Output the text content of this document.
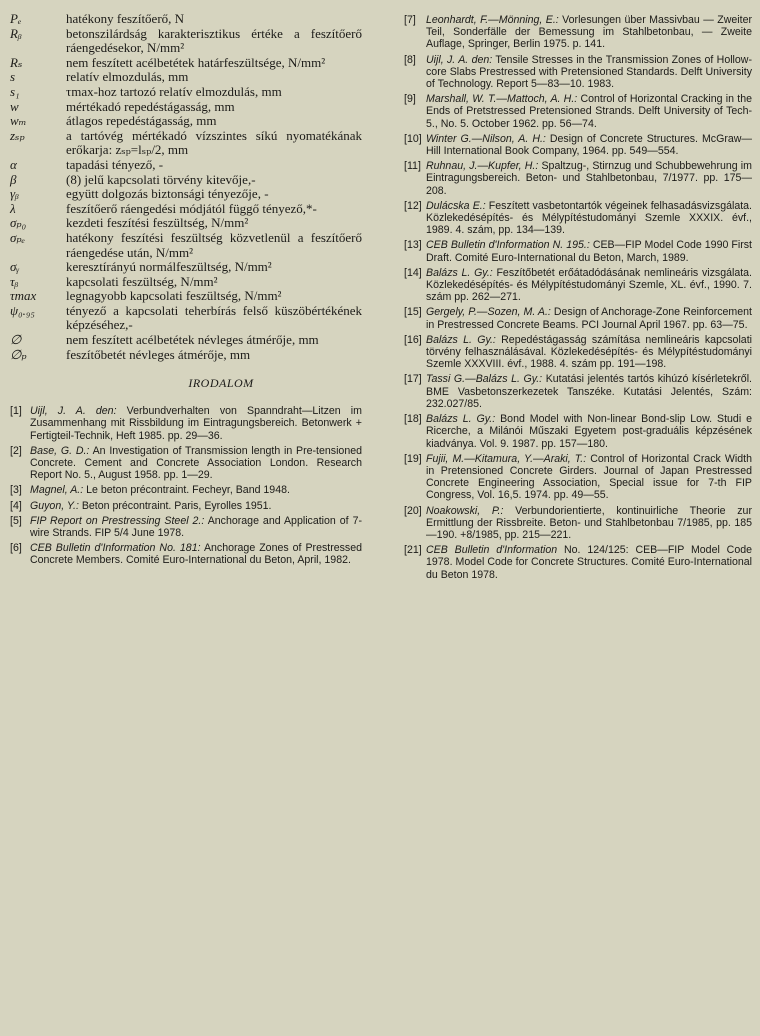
Pₑ	hatékony feszítőerő, N
Rᵦ	betonszilárdság karakterisztikus értéke a feszítőerő ráengedésekor, N/mm²
Rₛ	nem feszített acélbetétek határfeszültsége, N/mm²
s	relatív elmozdulás, mm
s₁	τmax-hoz tartozó relatív elmozdulás, mm
w	mértékadó repedéstágasság, mm
wₘ	átlagos repedéstágasság, mm
zₛₚ	a tartóvég mértékadó vízszintes síkú nyomatékának erőkarja: zₛₚ=lₛₚ/2, mm
α	tapadási tényező, -
β	(8) jelű kapcsolati törvény kitevője,-
γᵦ	együtt dolgozás biztonsági tényezője, -
λ	feszítőerő ráengedési módjától függő tényező,*-
σₚ₀	kezdeti feszítési feszültség, N/mm²
σₚₑ	hatékony feszítési feszültség közvetlenül a feszítőerő ráengedése után, N/mm²
σᵧ	keresztírányú normálfeszültség, N/mm²
τᵦ	kapcsolati feszültség, N/mm²
τmax	legnagyobb kapcsolati feszültség, N/mm²
ψ₀.₉₅	tényező a kapcsolati teherbírás felső küszöbértékének képzéséhez,-
∅	nem feszített acélbetétek névleges átmérője, mm
∅ₚ	feszítőbetét névleges átmérője, mm
IRODALOM
[1] Uijl, J. A. den: Verbundverhalten von Spanndraht—Litzen im Zusammenhang mit Rissbildung im Eintragungsbereich. Betonwerk + Fertigteil-Technik, Heft 1985. pp. 29—36.
[2] Base, G. D.: An Investigation of Transmission length in Pre-tensioned Concrete. Cement and Concrete Association London. Research Report No. 5., August 1958. pp. 1—29.
[3] Magnel, A.: Le beton précontraint. Fecheyr, Band 1948.
[4] Guyon, Y.: Beton précontraint. Paris, Eyrolles 1951.
[5] FIP Report on Prestressing Steel 2.: Anchorage and Application of 7-wire Strands. FIP 5/4 June 1978.
[6] CEB Bulletin d'Information No. 181: Anchorage Zones of Prestressed Concrete Members. Comité Euro-International du Beton, April, 1982.
[7] Leonhardt, F.—Mönning, E.: Vorlesungen über Massivbau — Zweiter Teil, Sonderfälle der Bemessung im Stahlbetonbau, — Zweite Auflage, Springer, Berlin 1975. p. 141.
[8] Uijl, J. A. den: Tensile Stresses in the Transmission Zones of Hollow-core Slabs Prestressed with Pretensioned Standards. Delft University of Technology. Report 5—83—10. 1983.
[9] Marshall, W. T.—Mattoch, A. H.: Control of Horizontal Cracking in the Ends of Pretstressed Pretensioned Strands. Delft University of Tech-5., No. 5. October 1962. pp. 56—74.
[10] Winter G.—Nilson, A. H.: Design of Concrete Structures. McGraw—Hill International Book Company, 1964. pp. 549—554.
[11] Ruhnau, J.—Kupfer, H.: Spaltzug-, Stirnzug und Schubbewehrung im Eintragungsbereich. Beton- und Stahlbetonbau, 7/1977. pp. 175—208.
[12] Dulácska E.: Feszített vasbetontartók végeinek felhasadásvizsgálata. Közlekedésépítés- és Mélypítéstudományi Szemle XXXIX. évf., 1989. 4. szám, pp. 134—139.
[13] CEB Bulletin d'Information N. 195.: CEB—FIP Model Code 1990 First Draft. Comité Euro-International du Beton, March, 1989.
[14] Balázs L. Gy.: Feszítőbetét erőátadódásának nemlineáris vizsgálata. Közlekedésépítés- és Mélypítéstudományi Szemle, XL. évf., 1990. 7. szám pp. 262—271.
[15] Gergely, P.—Sozen, M. A.: Design of Anchorage-Zone Reinforcement in Prestressed Concrete Beams. PCI Journal April 1967. pp. 63—75.
[16] Balázs L. Gy.: Repedéstágasság számítása nemlineáris kapcsolati törvény felhasználásával. Közlekedésépítés- és Mélypítéstudományi Szemle XXXVIII. évf., 1988. 4. szám pp. 191—198.
[17] Tassi G.—Balázs L. Gy.: Kutatási jelentés tartós kihúzó kísérletekről. BME Vasbetonszerkezetek Tanszéke. Kutatási Jelentés, Szám: 232.027/85.
[18] Balázs L. Gy.: Bond Model with Non-linear Bond-slip Low. Studi e Ricerche, a Milánói Műszaki Egyetem post-graduális képzésének kiadványa. Vol. 9. 1987. pp. 157—180.
[19] Fujii, M.—Kitamura, Y.—Araki, T.: Control of Horizontal Crack Width in Pretensioned Concrete Girders. Journal of Japan Prestressed Concrete Engineering Association, Special issue for 7-th FIP Congress, Vol. 16,5. 1974. pp. 49—55.
[20] Noakowski, P.: Verbundorientierte, kontinuirliche Theorie zur Ermittlung der Rissbreite. Beton- und Stahlbetonbau 7/1985, pp. 185—190. +8/1985, pp. 215—221.
[21] CEB Bulletin d'Information No. 124/125: CEB—FIP Model Code 1978. Model Code for Concrete Structures. Comité Euro-International du Beton 1978.
